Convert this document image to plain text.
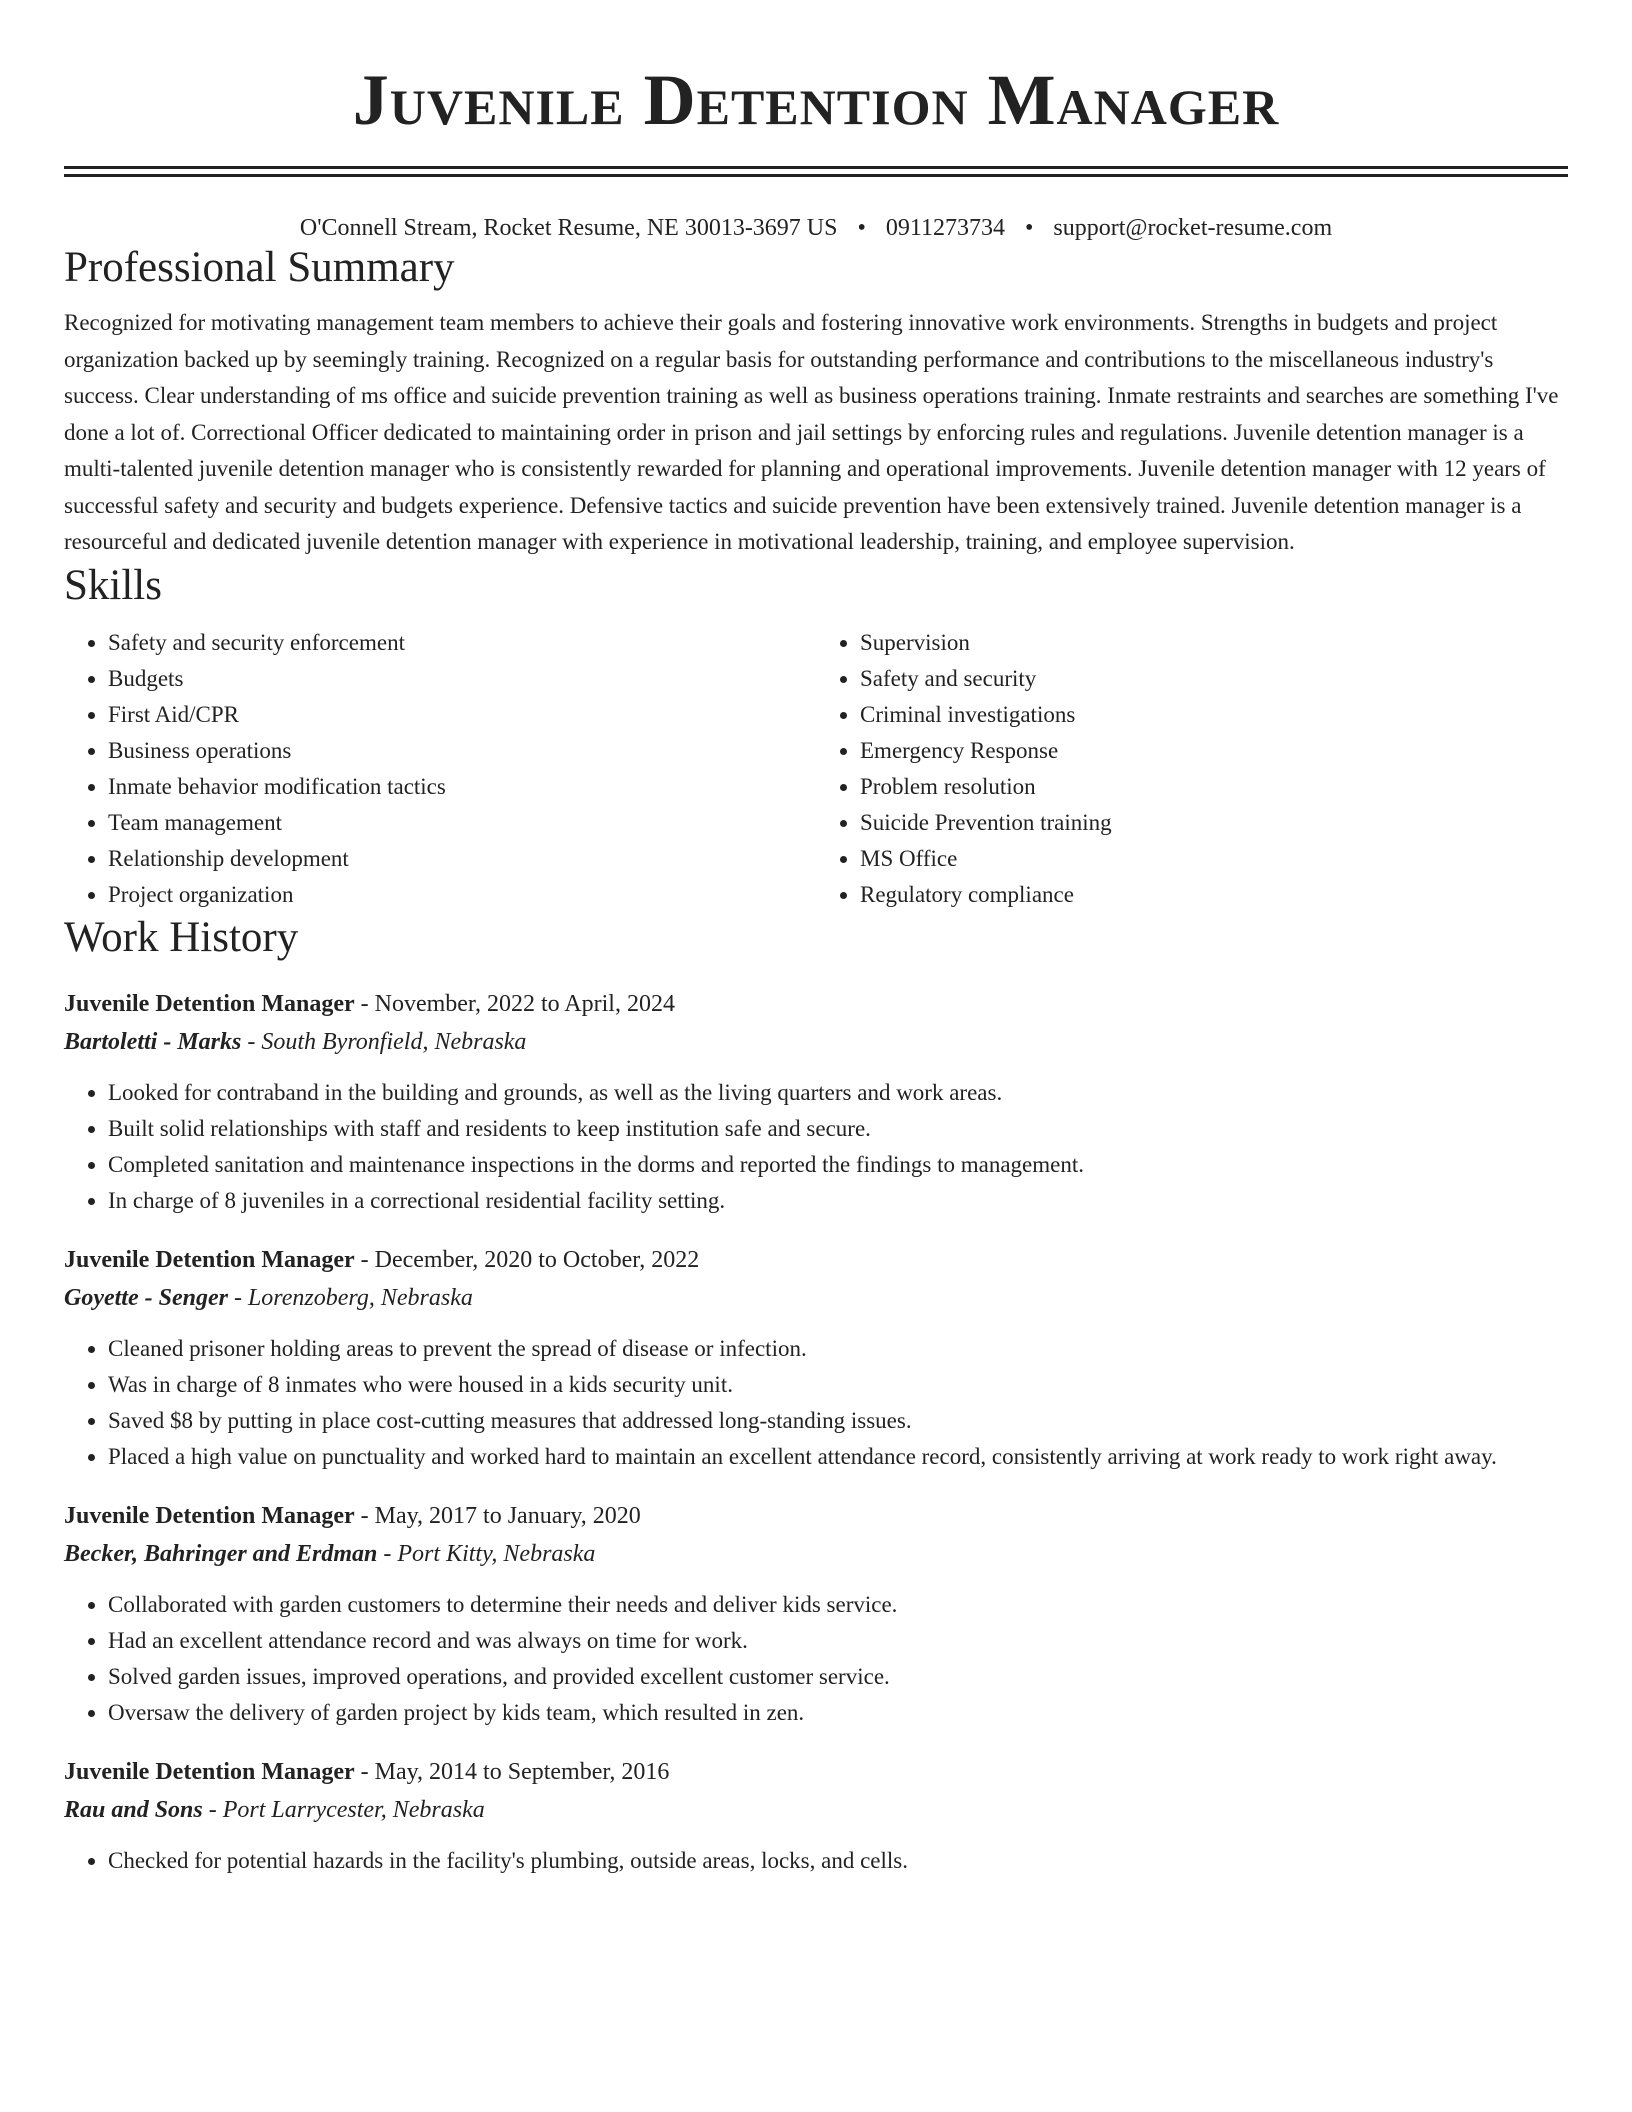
Juvenile Detention Manager
O'Connell Stream, Rocket Resume, NE 30013-3697 US • 0911273734 • support@rocket-resume.com
Professional Summary

Recognized for motivating management team members to achieve their goals and fostering innovative work environments. Strengths in budgets and project organization backed up by seemingly training. Recognized on a regular basis for outstanding performance and contributions to the miscellaneous industry's success. Clear understanding of ms office and suicide prevention training as well as business operations training. Inmate restraints and searches are something I've done a lot of. Correctional Officer dedicated to maintaining order in prison and jail settings by enforcing rules and regulations. Juvenile detention manager is a multi-talented juvenile detention manager who is consistently rewarded for planning and operational improvements. Juvenile detention manager with 12 years of successful safety and security and budgets experience. Defensive tactics and suicide prevention have been extensively trained. Juvenile detention manager is a resourceful and dedicated juvenile detention manager with experience in motivational leadership, training, and employee supervision.

Skills
• Safety and security enforcement
• Budgets
• First Aid/CPR
• Business operations
• Inmate behavior modification tactics
• Team management
• Relationship development
• Project organization
• Supervision
• Safety and security
• Criminal investigations
• Emergency Response
• Problem resolution
• Suicide Prevention training
• MS Office
• Regulatory compliance
Work History
Juvenile Detention Manager - November, 2022 to April, 2024
Bartoletti - Marks - South Byronfield, Nebraska
• Looked for contraband in the building and grounds, as well as the living quarters and work areas.
• Built solid relationships with staff and residents to keep institution safe and secure.
• Completed sanitation and maintenance inspections in the dorms and reported the findings to management.
• In charge of 8 juveniles in a correctional residential facility setting.
Juvenile Detention Manager - December, 2020 to October, 2022
Goyette - Senger - Lorenzoberg, Nebraska
• Cleaned prisoner holding areas to prevent the spread of disease or infection.
• Was in charge of 8 inmates who were housed in a kids security unit.
• Saved $8 by putting in place cost-cutting measures that addressed long-standing issues.
• Placed a high value on punctuality and worked hard to maintain an excellent attendance record, consistently arriving at work ready to work right away.
Juvenile Detention Manager - May, 2017 to January, 2020
Becker, Bahringer and Erdman - Port Kitty, Nebraska
• Collaborated with garden customers to determine their needs and deliver kids service.
• Had an excellent attendance record and was always on time for work.
• Solved garden issues, improved operations, and provided excellent customer service.
• Oversaw the delivery of garden project by kids team, which resulted in zen.
Juvenile Detention Manager - May, 2014 to September, 2016
Rau and Sons - Port Larrycester, Nebraska
• Checked for potential hazards in the facility's plumbing, outside areas, locks, and cells.
